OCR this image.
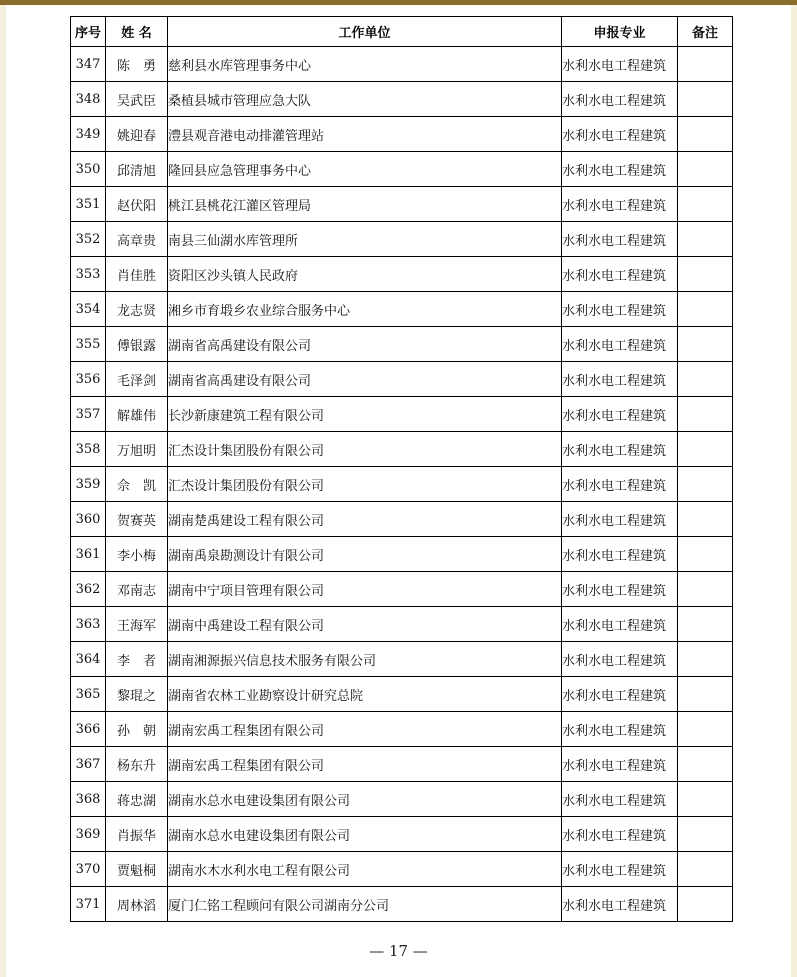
序号	姓 名	工作单位	申报专业	备注
347	陈　勇	慈利县水库管理事务中心	水利水电工程建筑	
348	吴武臣	桑植县城市管理应急大队	水利水电工程建筑	
349	姚迎春	澧县观音港电动排灌管理站	水利水电工程建筑	
350	邱清旭	隆回县应急管理事务中心	水利水电工程建筑	
351	赵伏阳	桃江县桃花江灌区管理局	水利水电工程建筑	
352	高章贵	南县三仙湖水库管理所	水利水电工程建筑	
353	肖佳胜	资阳区沙头镇人民政府	水利水电工程建筑	
354	龙志贤	湘乡市育塅乡农业综合服务中心	水利水电工程建筑	
355	傅银露	湖南省高禹建设有限公司	水利水电工程建筑	
356	毛泽剑	湖南省高禹建设有限公司	水利水电工程建筑	
357	解雄伟	长沙新康建筑工程有限公司	水利水电工程建筑	
358	万旭明	汇杰设计集团股份有限公司	水利水电工程建筑	
359	佘　凯	汇杰设计集团股份有限公司	水利水电工程建筑	
360	贺赛英	湖南楚禹建设工程有限公司	水利水电工程建筑	
361	李小梅	湖南禹泉勘测设计有限公司	水利水电工程建筑	
362	邓南志	湖南中宁项目管理有限公司	水利水电工程建筑	
363	王海军	湖南中禹建设工程有限公司	水利水电工程建筑	
364	李　者	湖南湘源振兴信息技术服务有限公司	水利水电工程建筑	
365	黎琨之	湖南省农林工业勘察设计研究总院	水利水电工程建筑	
366	孙　朝	湖南宏禹工程集团有限公司	水利水电工程建筑	
367	杨东升	湖南宏禹工程集团有限公司	水利水电工程建筑	
368	蒋忠湖	湖南水总水电建设集团有限公司	水利水电工程建筑	
369	肖振华	湖南水总水电建设集团有限公司	水利水电工程建筑	
370	贾魁桐	湖南水木水利水电工程有限公司	水利水电工程建筑	
371	周林滔	厦门仁铭工程顾问有限公司湖南分公司	水利水电工程建筑	
— 17 —
